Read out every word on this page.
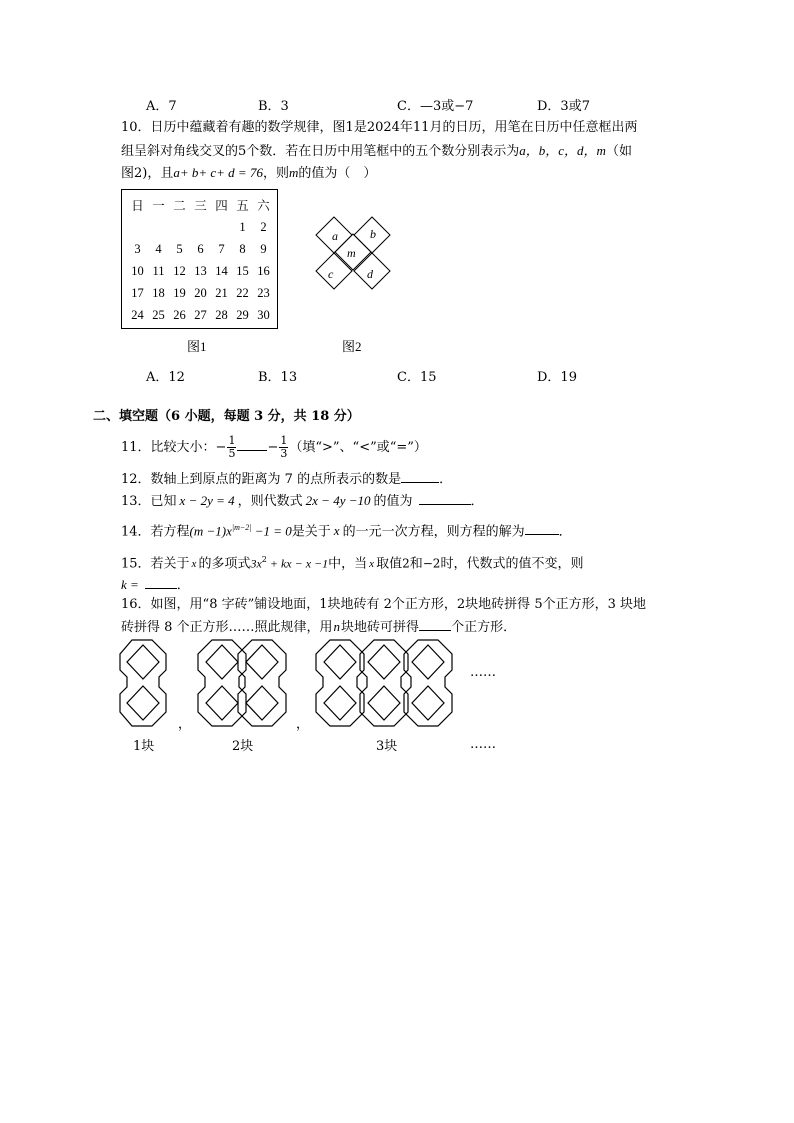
A．7	B．3	C．—3或−7	D．3或7
10．日历中蕴藏着有趣的数学规律，图1是2024年11月的日历，用笔在日历中任意框出两
组呈斜对角线交叉的5个数．若在日历中用笔框中的五个数分别表示为a，b，c，d，m（如
图2)，且a+ b+ c+ d = 76，则m的值为（　）
日	一	二	三	四	五	六
					1	2
3	4	5	6	7	8	9
10	11	12	13	14	15	16
17	18	19	20	21	22	23
24	25	26	27	28	29	30
a	b
m
c	d
图1	图2
A．12	B．13	C．15	D．19
二、填空题（6 小题，每题 3 分，共 18 分）
11．比较大小：− $\frac{1}{5} - \frac{1}{3}$ （填“>”、“<”或“=”）
12．数轴上到原点的距离为 7 的点所表示的数是	．
13．已知 x − 2y = 4 ，则代数式 2x − 4y −10 的值为	．
14．若方程$(m -1)x^{|m-2|} -1 = 0$是关于 x 的一元一次方程，则方程的解为	．
15．若关于 x 的多项式$3x^2$ + kx − x −1中，当 x 取值2和−2时，代数式的值不变，则
k =	．
16．如图，用“8 字砖”铺设地面，1块地砖有 2个正方形，2块地砖拼得 5个正方形，3 块地
砖拼得 8 个正方形……照此规律，用n块地砖可拼得 个正方形．
，	，
……
1块	2块	3块	……
